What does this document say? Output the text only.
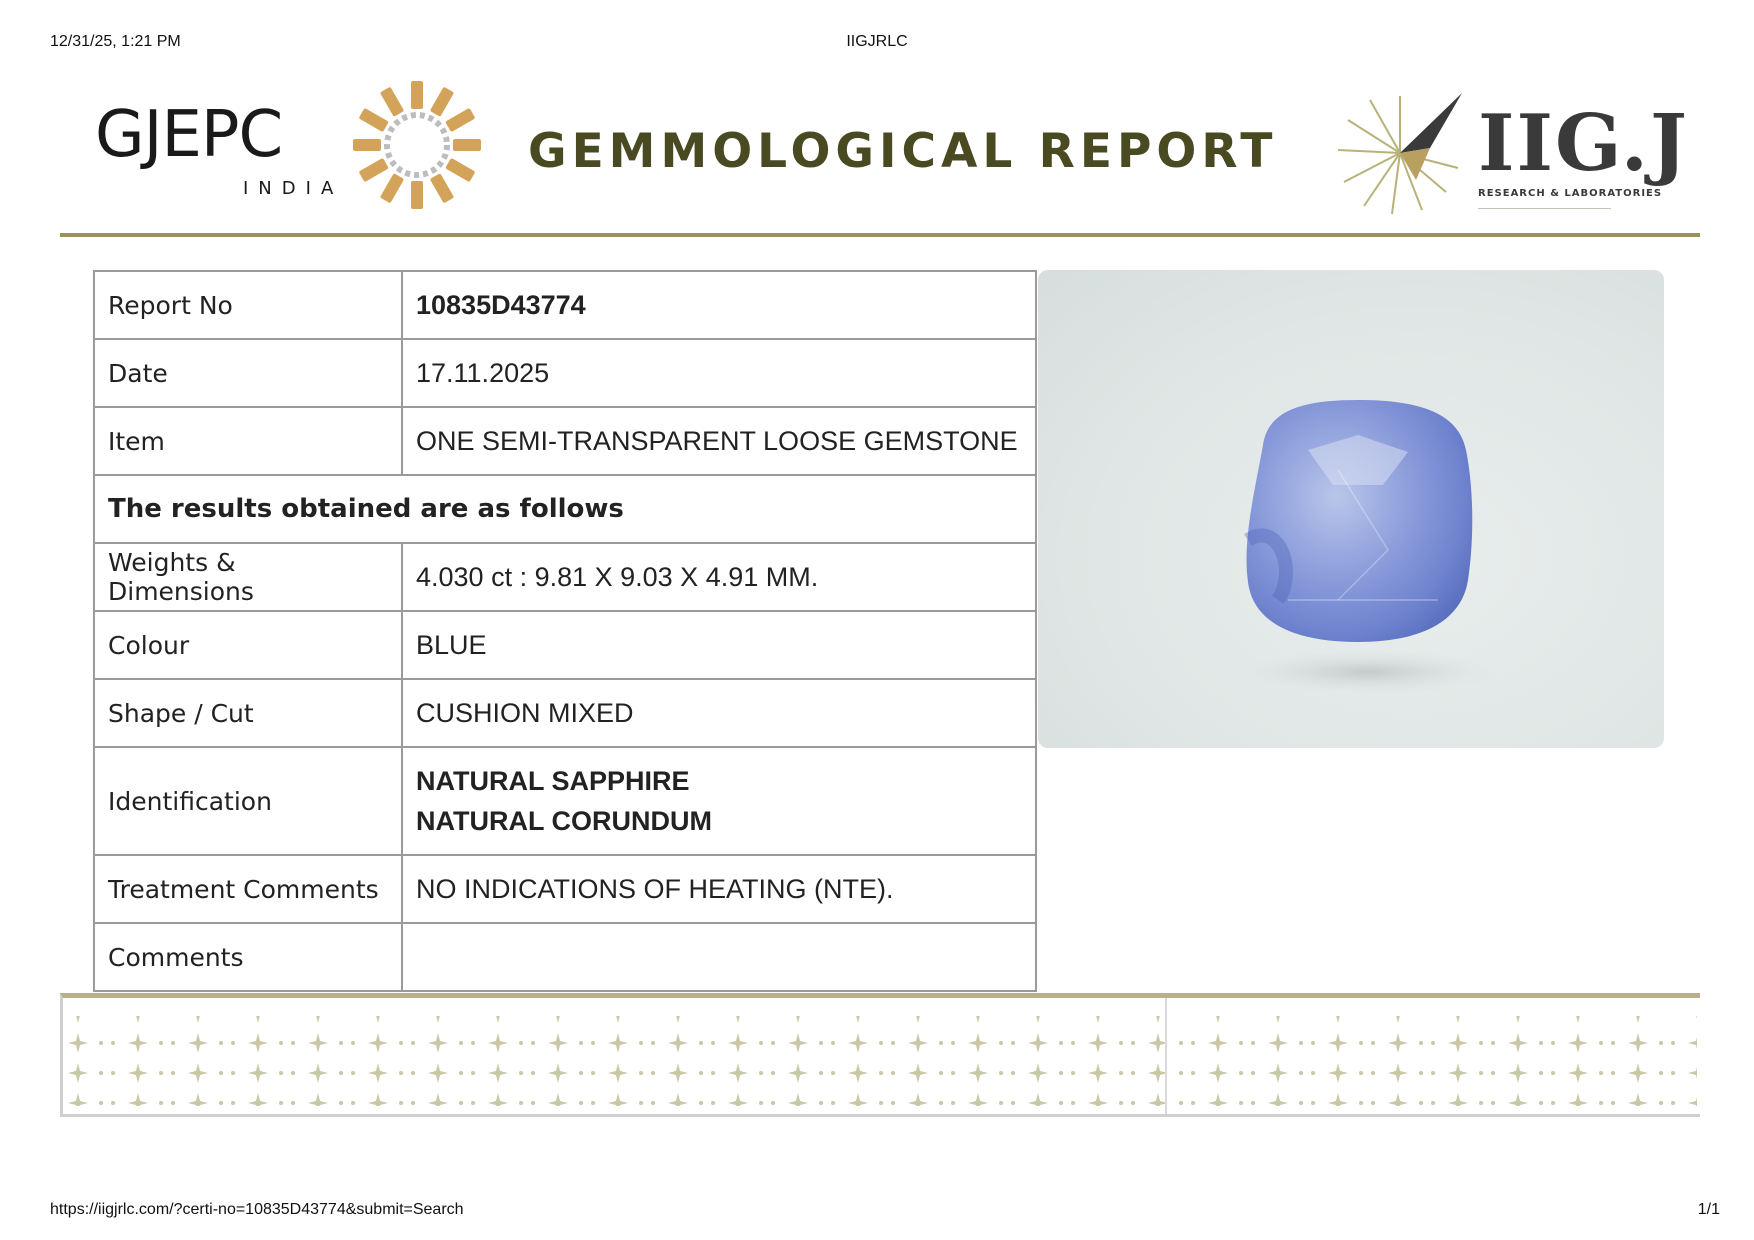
12/31/25, 1:21 PM	IIGJRLC
GJEPC
INDIA
GEMMOLOGICAL REPORT	IIG.J
RESEARCH & LABORATORIES
———————————————————
Report No	10835D43774
Date	17.11.2025
Item	ONE SEMI-TRANSPARENT LOOSE GEMSTONE
The results obtained are as follows	
Weights & Dimensions	4.030 ct : 9.81 X 9.03 X 4.91 MM.
Colour	BLUE
Shape / Cut	CUSHION MIXED
Identification	NATURAL SAPPHIRE
NATURAL CORUNDUM

Treatment Comments	NO INDICATIONS OF HEATING (NTE).
Comments	
https://iigjrlc.com/?certi-no=10835D43774&submit=Search	1/1
